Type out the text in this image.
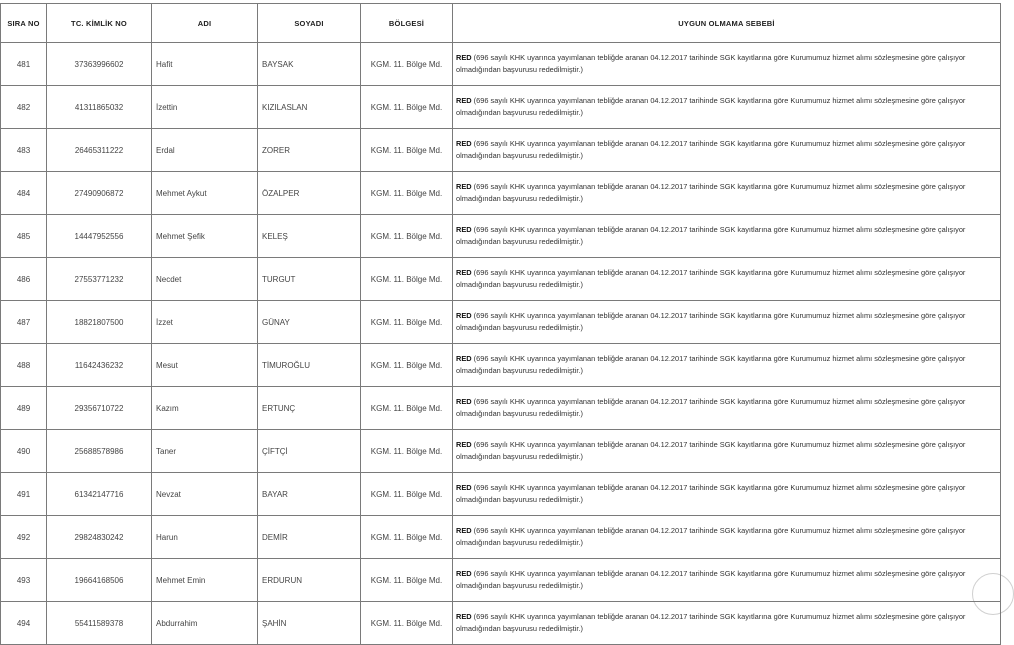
SIRA NO	TC. KİMLİK NO	ADI	SOYADI	BÖLGESİ	UYGUN OLMAMA SEBEBİ
481	37363996602	Hafit	BAYSAK	KGM. 11. Bölge Md.	RED (696 sayılı KHK uyarınca yayımlanan tebliğde aranan 04.12.2017 tarihinde SGK kayıtlarına göre Kurumumuz hizmet alımı sözleşmesine göre çalışıyor olmadığından başvurusu rededilmiştir.)
482	41311865032	İzettin	KIZILASLAN	KGM. 11. Bölge Md.	RED (696 sayılı KHK uyarınca yayımlanan tebliğde aranan 04.12.2017 tarihinde SGK kayıtlarına göre Kurumumuz hizmet alımı sözleşmesine göre çalışıyor olmadığından başvurusu rededilmiştir.)
483	26465311222	Erdal	ZORER	KGM. 11. Bölge Md.	RED (696 sayılı KHK uyarınca yayımlanan tebliğde aranan 04.12.2017 tarihinde SGK kayıtlarına göre Kurumumuz hizmet alımı sözleşmesine göre çalışıyor olmadığından başvurusu rededilmiştir.)
484	27490906872	Mehmet Aykut	ÖZALPER	KGM. 11. Bölge Md.	RED (696 sayılı KHK uyarınca yayımlanan tebliğde aranan 04.12.2017 tarihinde SGK kayıtlarına göre Kurumumuz hizmet alımı sözleşmesine göre çalışıyor olmadığından başvurusu rededilmiştir.)
485	14447952556	Mehmet Şefik	KELEŞ	KGM. 11. Bölge Md.	RED (696 sayılı KHK uyarınca yayımlanan tebliğde aranan 04.12.2017 tarihinde SGK kayıtlarına göre Kurumumuz hizmet alımı sözleşmesine göre çalışıyor olmadığından başvurusu rededilmiştir.)
486	27553771232	Necdet	TURGUT	KGM. 11. Bölge Md.	RED (696 sayılı KHK uyarınca yayımlanan tebliğde aranan 04.12.2017 tarihinde SGK kayıtlarına göre Kurumumuz hizmet alımı sözleşmesine göre çalışıyor olmadığından başvurusu rededilmiştir.)
487	18821807500	İzzet	GÜNAY	KGM. 11. Bölge Md.	RED (696 sayılı KHK uyarınca yayımlanan tebliğde aranan 04.12.2017 tarihinde SGK kayıtlarına göre Kurumumuz hizmet alımı sözleşmesine göre çalışıyor olmadığından başvurusu rededilmiştir.)
488	11642436232	Mesut	TİMUROĞLU	KGM. 11. Bölge Md.	RED (696 sayılı KHK uyarınca yayımlanan tebliğde aranan 04.12.2017 tarihinde SGK kayıtlarına göre Kurumumuz hizmet alımı sözleşmesine göre çalışıyor olmadığından başvurusu rededilmiştir.)
489	29356710722	Kazım	ERTUNÇ	KGM. 11. Bölge Md.	RED (696 sayılı KHK uyarınca yayımlanan tebliğde aranan 04.12.2017 tarihinde SGK kayıtlarına göre Kurumumuz hizmet alımı sözleşmesine göre çalışıyor olmadığından başvurusu rededilmiştir.)
490	25688578986	Taner	ÇİFTÇİ	KGM. 11. Bölge Md.	RED (696 sayılı KHK uyarınca yayımlanan tebliğde aranan 04.12.2017 tarihinde SGK kayıtlarına göre Kurumumuz hizmet alımı sözleşmesine göre çalışıyor olmadığından başvurusu rededilmiştir.)
491	61342147716	Nevzat	BAYAR	KGM. 11. Bölge Md.	RED (696 sayılı KHK uyarınca yayımlanan tebliğde aranan 04.12.2017 tarihinde SGK kayıtlarına göre Kurumumuz hizmet alımı sözleşmesine göre çalışıyor olmadığından başvurusu rededilmiştir.)
492	29824830242	Harun	DEMİR	KGM. 11. Bölge Md.	RED (696 sayılı KHK uyarınca yayımlanan tebliğde aranan 04.12.2017 tarihinde SGK kayıtlarına göre Kurumumuz hizmet alımı sözleşmesine göre çalışıyor olmadığından başvurusu rededilmiştir.)
493	19664168506	Mehmet Emin	ERDURUN	KGM. 11. Bölge Md.	RED (696 sayılı KHK uyarınca yayımlanan tebliğde aranan 04.12.2017 tarihinde SGK kayıtlarına göre Kurumumuz hizmet alımı sözleşmesine göre çalışıyor olmadığından başvurusu rededilmiştir.)
494	55411589378	Abdurrahim	ŞAHİN	KGM. 11. Bölge Md.	RED (696 sayılı KHK uyarınca yayımlanan tebliğde aranan 04.12.2017 tarihinde SGK kayıtlarına göre Kurumumuz hizmet alımı sözleşmesine göre çalışıyor olmadığından başvurusu rededilmiştir.)
